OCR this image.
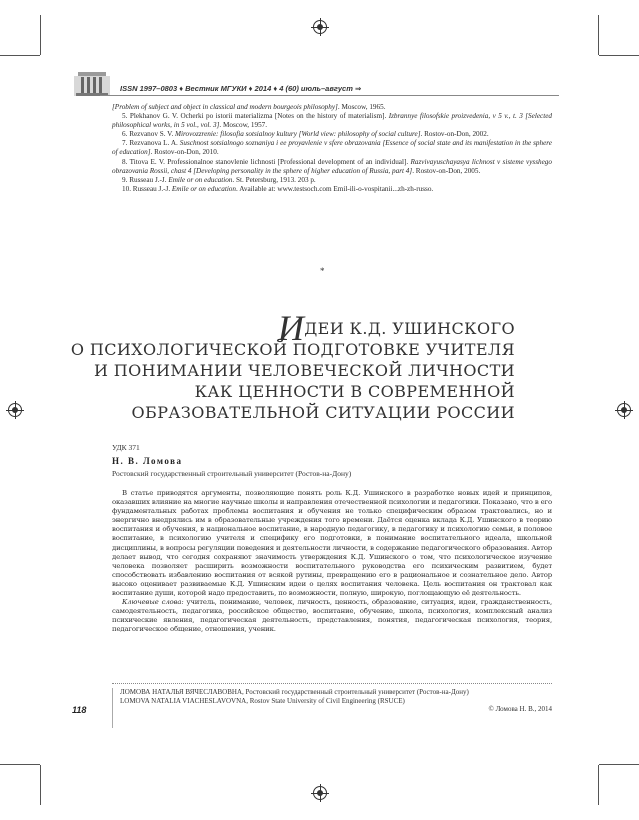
ISSN 1997–0803 ♦ Вестник МГУКИ ♦ 2014 ♦ 4 (60) июль–август ⇒

[Problem of subject and object in classical and modern bourgeois philosophy]. Moscow, 1965.

5. Plekhanov G. V. Ocherki po istorii materializma [Notes on the history of materialism]. Izbrannye filosofskie proizvedenia, v 5 v., t. 3 [Selected philosophical works, in 5 vol., vol. 3]. Moscow, 1957.

6. Rezvanov S. V. Mirovozzrenie: filosofia sotsialnoy kultury [World view: philosophy of social culture]. Rostov-on-Don, 2002.

7. Rezvanova L. A. Suschnost sotsialnogo soznaniya i ee proyavlenie v sfere obrazovania [Essence of social state and its manifestation in the sphere of education]. Rostov-on-Don, 2010.

8. Titova E. V. Professionalnoe stanovlenie lichnosti [Professional development of an individual]. Razvivayuschayasya lichnost v sisteme vysshego obrazovania Rossii, chast 4 [Developing personality in the sphere of higher education of Russia, part 4]. Rostov-on-Don, 2005.

9. Russeau J.-J. Emile or on education. St. Petersburg, 1913. 203 p.

10. Russeau J.-J. Emile or on education. Available at: www.testsoch.com Emil-ili-o-vospitanii...zh-zh-russo.

*
ИДЕИ К.Д. УШИНСКОГО
О ПСИХОЛОГИЧЕСКОЙ ПОДГОТОВКЕ УЧИТЕЛЯ
И ПОНИМАНИИ ЧЕЛОВЕЧЕСКОЙ ЛИЧНОСТИ
КАК ЦЕННОСТИ В СОВРЕМЕННОЙ
ОБРАЗОВАТЕЛЬНОЙ СИТУАЦИИ РОССИИ
УДК 371
Н. В. Ломова
Ростовский государственный строительный университет (Ростов-на-Дону)

В статье приводятся аргументы, позволяющие понять роль К.Д. Ушинского в разработке новых идей и принципов, оказавших влияние на многие научные школы и направления отечественной психологии и педагогики. Показано, что в его фундаментальных работах проблемы воспитания и обучения не только специфическим образом трактовались, но и энергично внедрялись им в образовательные учреждения того времени. Даётся оценка вклада К.Д. Ушинского в теорию воспитания и обучения, в национальное воспитание, в народную педагогику, в педагогику и психологию семьи, в половое воспитание, в психологию учителя и специфику его подготовки, в понимание воспитательного идеала, школьной дисциплины, в вопросы регуляции поведения и деятельности личности, в содержание педагогического образования. Автор делает вывод, что сегодня сохраняют значимость утверждения К.Д. Ушинского о том, что психологическое изучение человека позволяет расширить возможности воспитательного руководства его психическим развитием, будет способствовать избавлению воспитания от всякой рутины, превращению его в рациональное и сознательное дело. Автор высоко оценивает развиваемые К.Д. Ушинским идеи о целях воспитания человека. Цель воспитания он трактовал как воспитание души, которой надо предоставить, по возможности, полную, широкую, поглощающую её деятельность.

Ключевые слова: учитель, понимание, человек, личность, ценность, образование, ситуация, идеи, гражданственность, самодеятельность, педагогика, российское общество, воспитание, обучение, школа, психология, комплексный анализ психические явления, педагогическая деятельность, представления, понятия, педагогическая психология, теория, педагогическое общение, отношения, ученик.

118
ЛОМОВА НАТАЛЬЯ ВЯЧЕСЛАВОВНА, Ростовский государственный строительный университет (Ростов-на-Дону)
LOMOVA NATALIA VIACHESLAVOVNA, Rostov State University of Civil Engineering (RSUCE)
© Ломова Н. В., 2014
